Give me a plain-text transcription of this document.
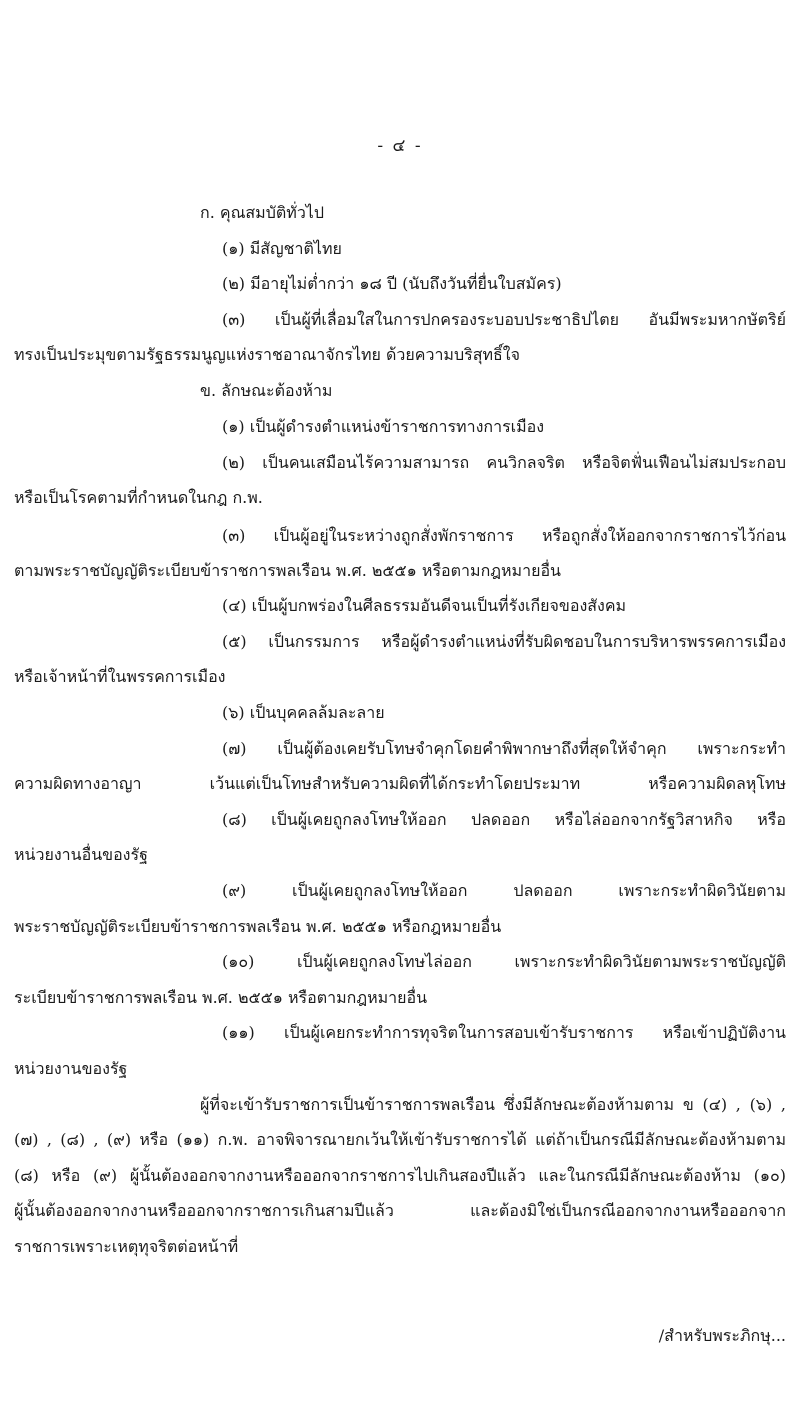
- ๔ -
ก. คุณสมบัติทั่วไป
(๑) มีสัญชาติไทย
(๒) มีอายุไม่ต่ำกว่า ๑๘ ปี (นับถึงวันที่ยื่นใบสมัคร)
(๓) เป็นผู้ที่เลื่อมใสในการปกครองระบอบประชาธิปไตย อันมีพระมหากษัตริย์
ทรงเป็นประมุขตามรัฐธรรมนูญแห่งราชอาณาจักรไทย ด้วยความบริสุทธิ์ใจ
ข. ลักษณะต้องห้าม
(๑) เป็นผู้ดำรงตำแหน่งข้าราชการทางการเมือง
(๒) เป็นคนเสมือนไร้ความสามารถ คนวิกลจริต หรือจิตฟั่นเฟือนไม่สมประกอบ
หรือเป็นโรคตามที่กำหนดในกฎ ก.พ.
(๓) เป็นผู้อยู่ในระหว่างถูกสั่งพักราชการ หรือถูกสั่งให้ออกจากราชการไว้ก่อน
ตามพระราชบัญญัติระเบียบข้าราชการพลเรือน พ.ศ. ๒๕๕๑ หรือตามกฎหมายอื่น
(๔) เป็นผู้บกพร่องในศีลธรรมอันดีจนเป็นที่รังเกียจของสังคม
(๕) เป็นกรรมการ หรือผู้ดำรงตำแหน่งที่รับผิดชอบในการบริหารพรรคการเมือง
หรือเจ้าหน้าที่ในพรรคการเมือง
(๖) เป็นบุคคลล้มละลาย
(๗) เป็นผู้ต้องเคยรับโทษจำคุกโดยคำพิพากษาถึงที่สุดให้จำคุก เพราะกระทำ
ความผิดทางอาญา เว้นแต่เป็นโทษสำหรับความผิดที่ได้กระทำโดยประมาท หรือความผิดลหุโทษ
(๘) เป็นผู้เคยถูกลงโทษให้ออก ปลดออก หรือไล่ออกจากรัฐวิสาหกิจ หรือ
หน่วยงานอื่นของรัฐ
(๙) เป็นผู้เคยถูกลงโทษให้ออก ปลดออก เพราะกระทำผิดวินัยตาม
พระราชบัญญัติระเบียบข้าราชการพลเรือน พ.ศ. ๒๕๕๑ หรือกฎหมายอื่น
(๑๐) เป็นผู้เคยถูกลงโทษไล่ออก เพราะกระทำผิดวินัยตามพระราชบัญญัติ
ระเบียบข้าราชการพลเรือน พ.ศ. ๒๕๕๑ หรือตามกฎหมายอื่น
(๑๑) เป็นผู้เคยกระทำการทุจริตในการสอบเข้ารับราชการ หรือเข้าปฏิบัติงาน
หน่วยงานของรัฐ
ผู้ที่จะเข้ารับราชการเป็นข้าราชการพลเรือน ซึ่งมีลักษณะต้องห้ามตาม ข (๔) , (๖) ,
(๗) , (๘) , (๙) หรือ (๑๑) ก.พ. อาจพิจารณายกเว้นให้เข้ารับราชการได้ แต่ถ้าเป็นกรณีมีลักษณะต้องห้ามตาม
(๘) หรือ (๙) ผู้นั้นต้องออกจากงานหรือออกจากราชการไปเกินสองปีแล้ว และในกรณีมีลักษณะต้องห้าม (๑๐)
ผู้นั้นต้องออกจากงานหรือออกจากราชการเกินสามปีแล้ว และต้องมิใช่เป็นกรณีออกจากงานหรือออกจาก
ราชการเพราะเหตุทุจริตต่อหน้าที่
/สำหรับพระภิกษุ...
